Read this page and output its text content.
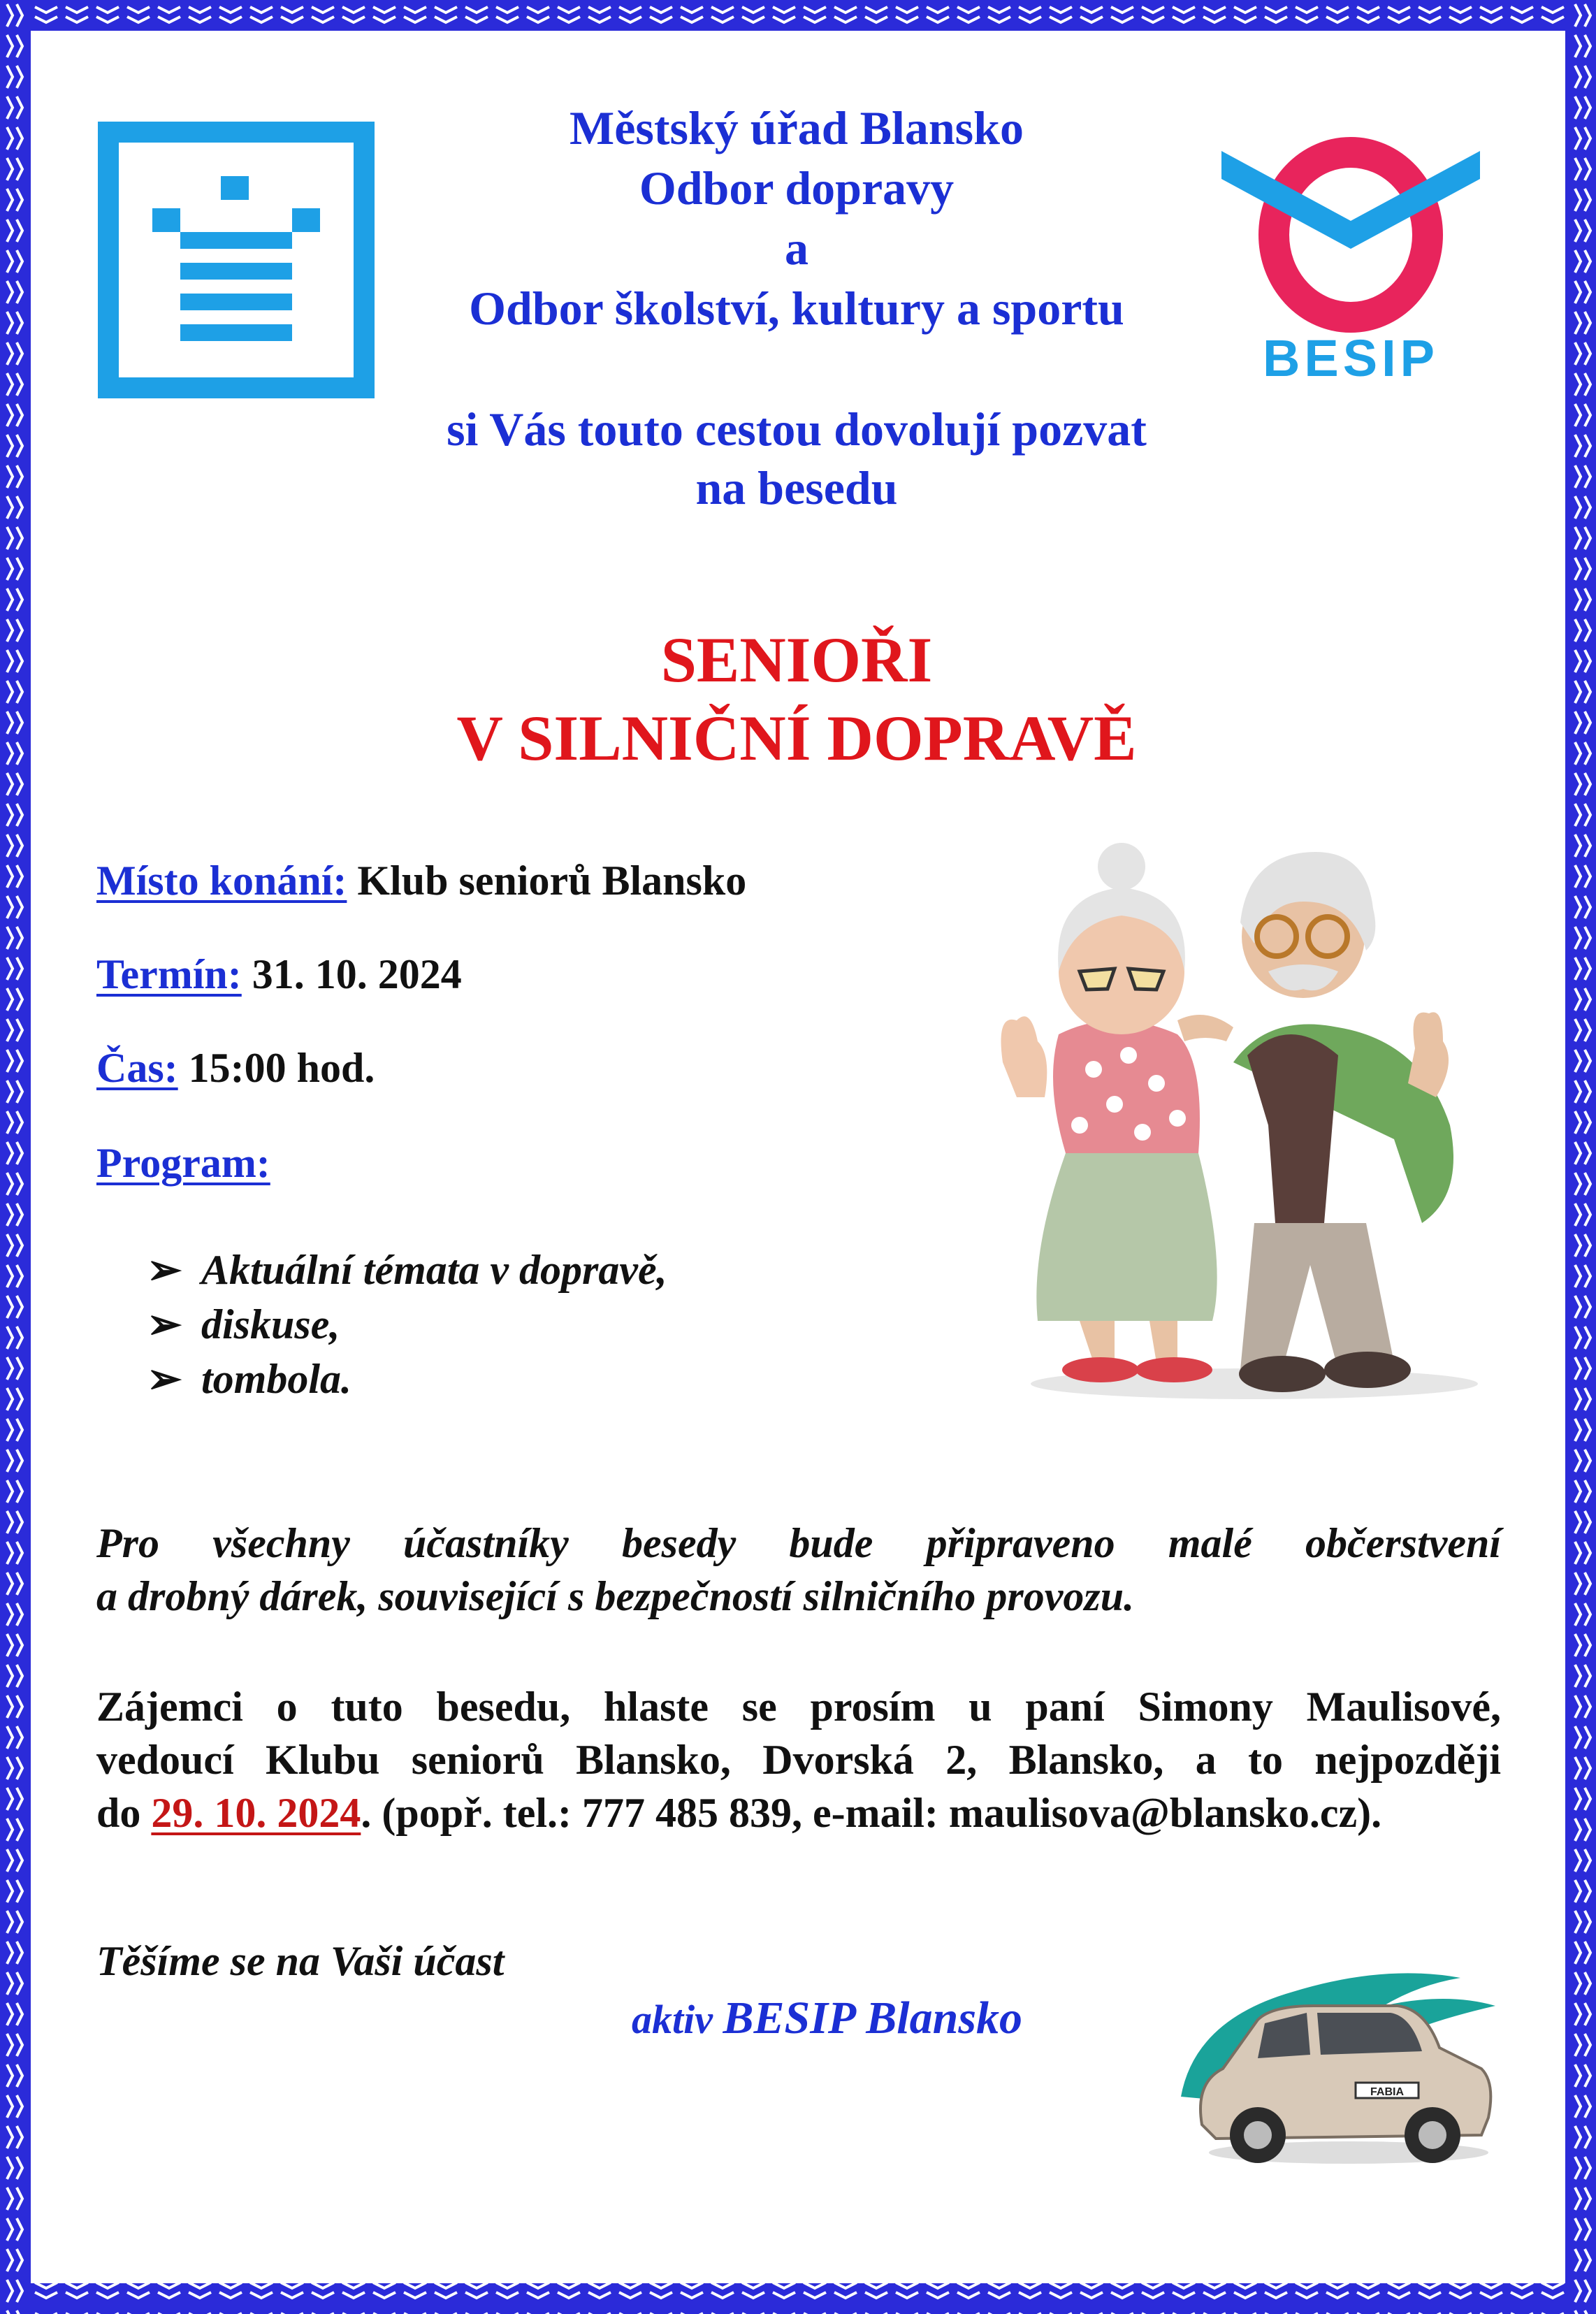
BESIP
Městský úřad Blansko
Odbor dopravy
a
Odbor školství, kultury a sportu
si Vás touto cestou dovolují pozvat
na besedu
SENIOŘI
V SILNIČNÍ DOPRAVĚ
Místo konání: Klub seniorů Blansko
Termín: 31. 10. 2024
Čas: 15:00 hod.
Program:
➢ Aktuální témata v dopravě,
➢ diskuse,
➢ tombola.
Pro všechny účastníky besedy bude připraveno malé občerstvení
a drobný dárek, související s bezpečností silničního provozu.
Zájemci o tuto besedu, hlaste se prosím u paní Simony Maulisové,
vedoucí Klubu seniorů Blansko, Dvorská 2, Blansko, a to nejpozději
do 29. 10. 2024. (popř. tel.: 777 485 839, e-mail: maulisova@blansko.cz).
Těšíme se na Vaši účast
aktiv BESIP Blansko
FABIA
